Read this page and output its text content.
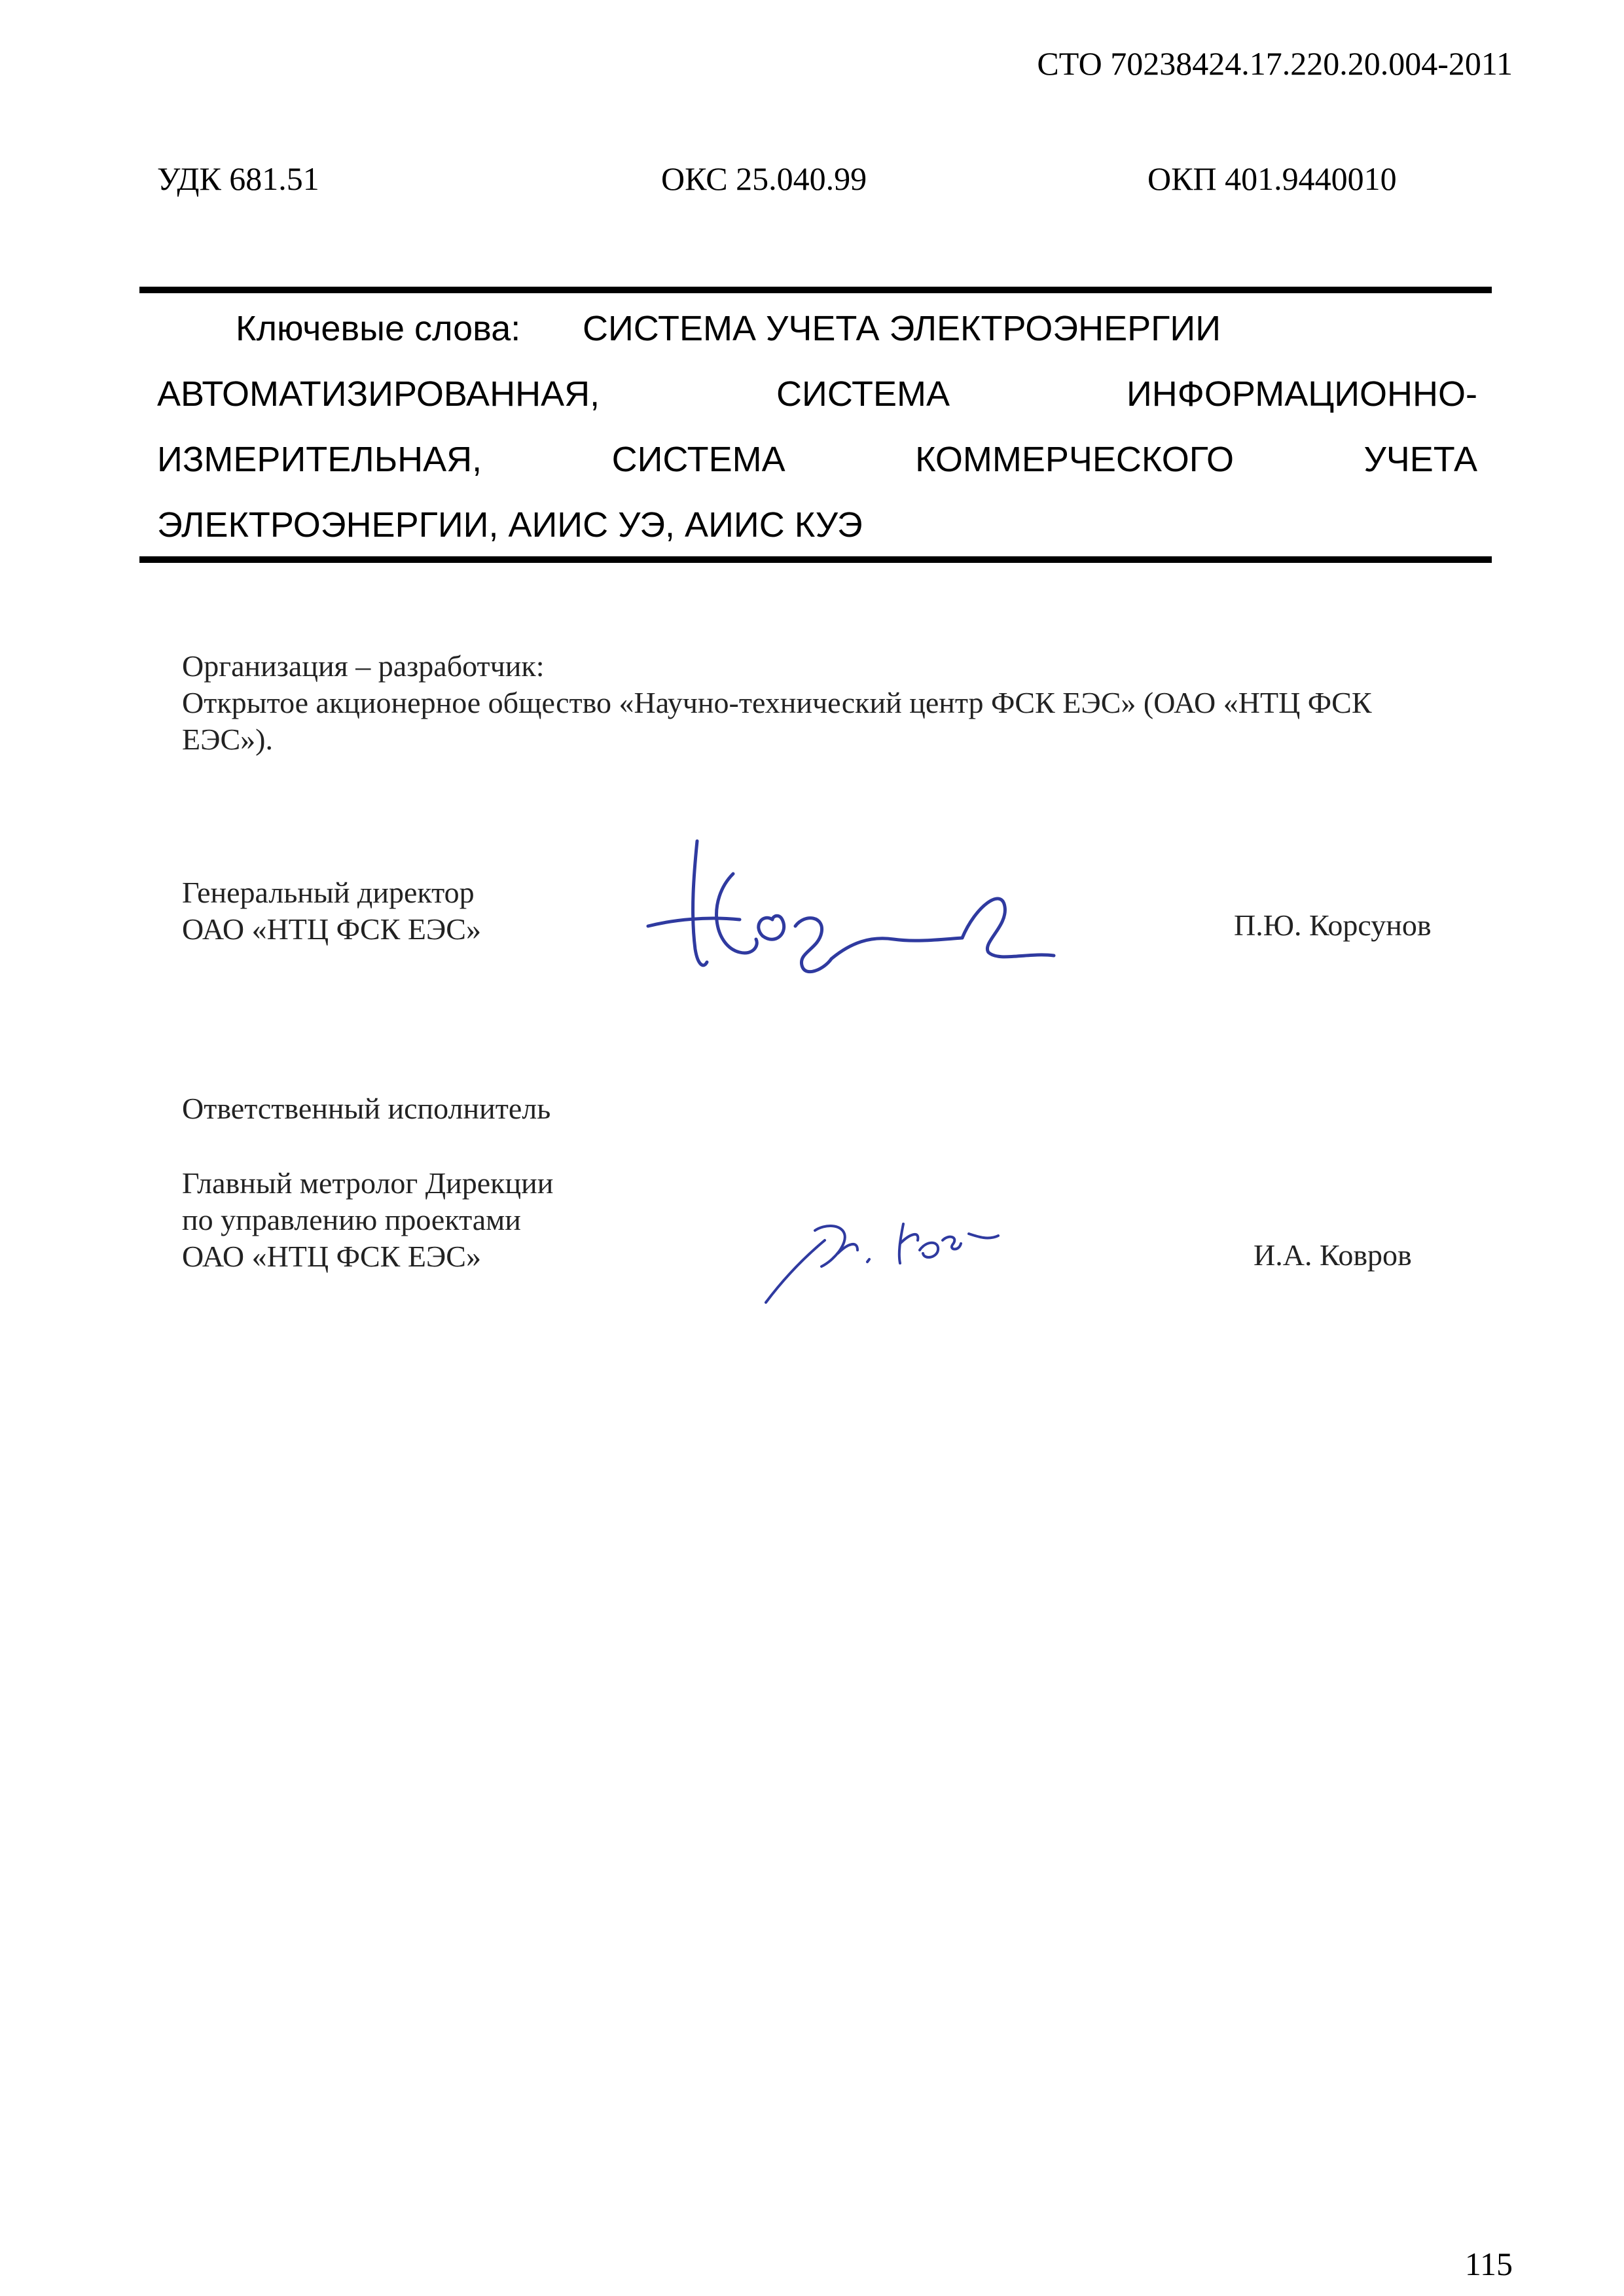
СТО 70238424.17.220.20.004-2011
УДК 681.51	ОКС 25.040.99	ОКП 401.9440010
Ключевые слова: СИСТЕМА УЧЕТА ЭЛЕКТРОЭНЕРГИИ
АВТОМАТИЗИРОВАННАЯ,	СИСТЕМА	ИНФОРМАЦИОННО-
ИЗМЕРИТЕЛЬНАЯ,	СИСТЕМА	КОММЕРЧЕСКОГО	УЧЕТА
ЭЛЕКТРОЭНЕРГИИ, АИИС УЭ, АИИС КУЭ
Организация – разработчик:
Открытое акционерное общество «Научно-технический центр ФСК ЕЭС» (ОАО «НТЦ ФСК
ЕЭС»).
Генеральный директор
ОАО «НТЦ ФСК ЕЭС»	П.Ю. Корсунов
Ответственный исполнитель
Главный метролог Дирекции
по управлению проектами
ОАО «НТЦ ФСК ЕЭС»	И.А. Ковров
115
